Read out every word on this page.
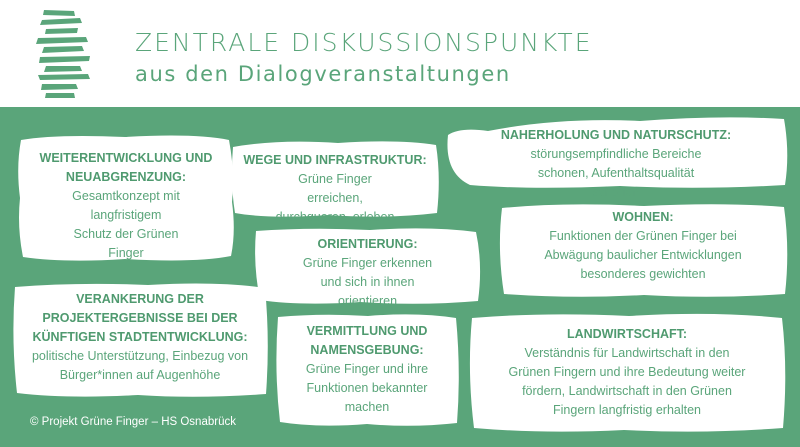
ZENTRALE DISKUSSIONSPUNKTE
aus den Dialogveranstaltungen
WEITERENTWICKLUNG UND NEUABGRENZUNG:
Gesamtkonzept mit langfristigem Schutz der Grünen Finger
WEGE UND INFRASTRUKTUR:
Grüne Finger erreichen, durchqueren, erleben
NAHERHOLUNG UND NATURSCHUTZ:
störungsempfindliche Bereiche schonen, Aufenthaltsqualität schaffen
ORIENTIERUNG:
Grüne Finger erkennen und sich in ihnen orientieren
WOHNEN:
Funktionen der Grünen Finger bei Abwägung baulicher Entwicklungen besonderes gewichten
VERANKERUNG DER PROJEKTERGEBNISSE BEI DER KÜNFTIGEN STADTENTWICKLUNG:
politische Unterstützung, Einbezug von Bürger*innen auf Augenhöhe
VERMITTLUNG UND NAMENSGEBUNG:
Grüne Finger und ihre Funktionen bekannter machen
LANDWIRTSCHAFT:
Verständnis für Landwirtschaft in den Grünen Fingern und ihre Bedeutung weiter fördern, Landwirtschaft in den Grünen Fingern langfristig erhalten
© Projekt Grüne Finger – HS Osnabrück
